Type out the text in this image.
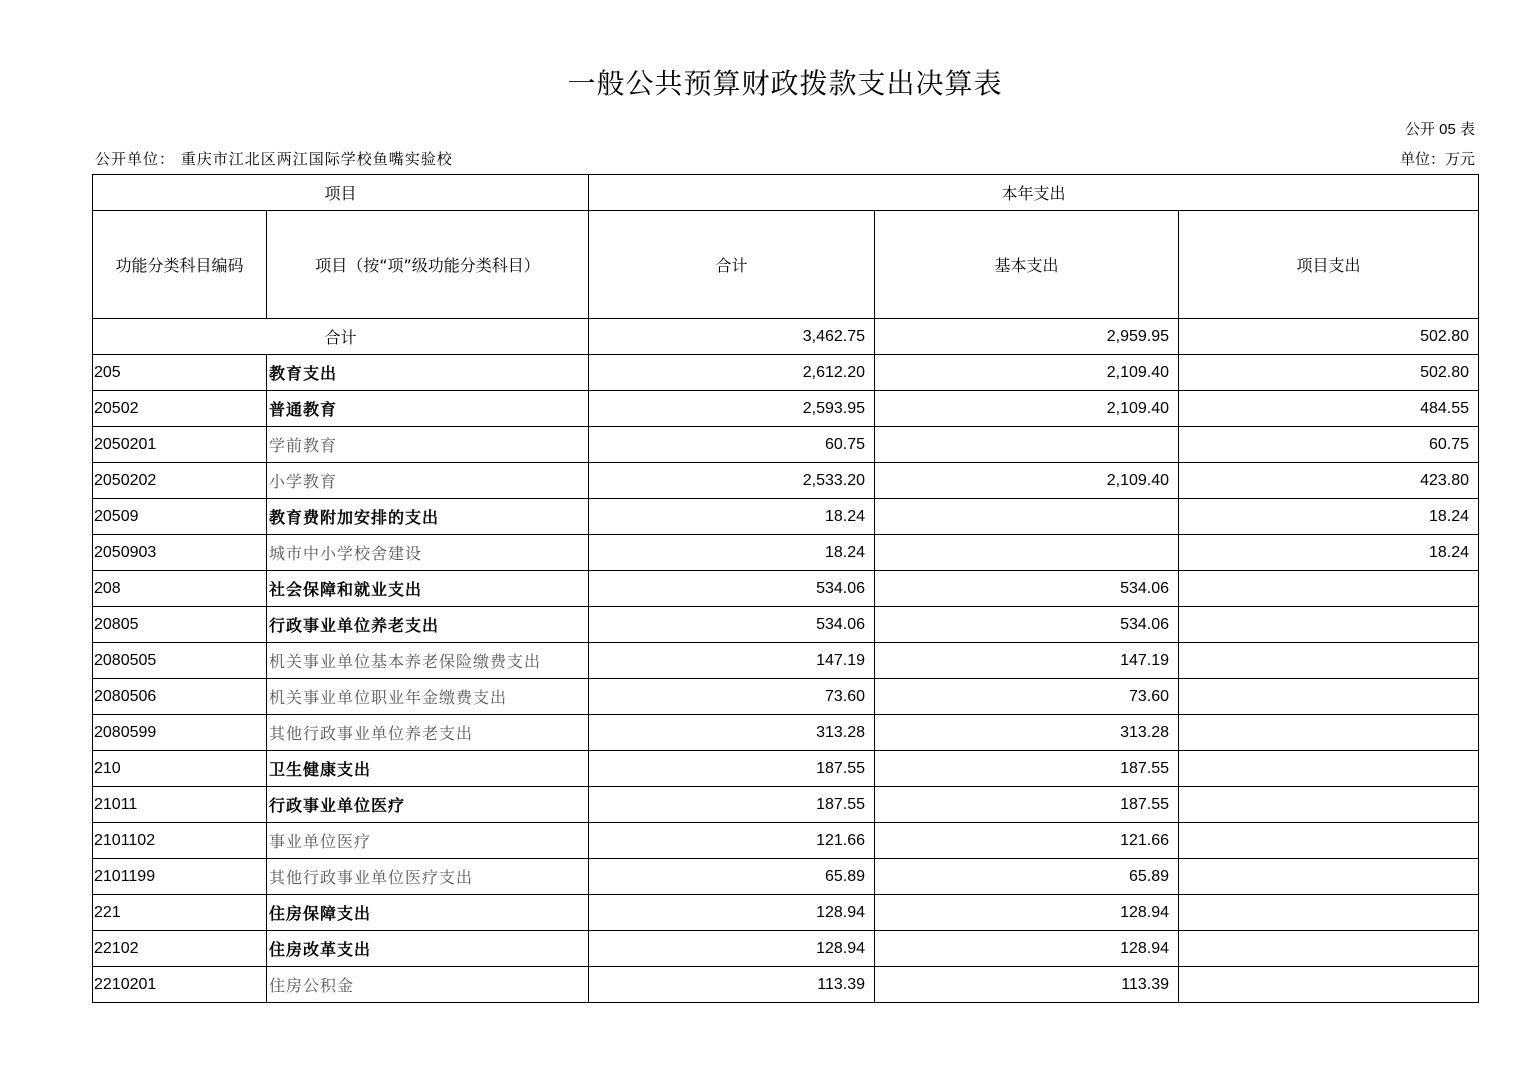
一般公共预算财政拨款支出决算表
公开 05 表
公开单位： 重庆市江北区两江国际学校鱼嘴实验校	单位：万元
项目		本年支出		
功能分类科目编码	项目（按“项”级功能分类科目）	合计	基本支出	项目支出
合计		3,462.75	2,959.95	502.80
205	教育支出	2,612.20	2,109.40	502.80
20502	普通教育	2,593.95	2,109.40	484.55
2050201	学前教育	60.75		60.75
2050202	小学教育	2,533.20	2,109.40	423.80
20509	教育费附加安排的支出	18.24		18.24
2050903	城市中小学校舍建设	18.24		18.24
208	社会保障和就业支出	534.06	534.06	
20805	行政事业单位养老支出	534.06	534.06	
2080505	机关事业单位基本养老保险缴费支出	147.19	147.19	
2080506	机关事业单位职业年金缴费支出	73.60	73.60	
2080599	其他行政事业单位养老支出	313.28	313.28	
210	卫生健康支出	187.55	187.55	
21011	行政事业单位医疗	187.55	187.55	
2101102	事业单位医疗	121.66	121.66	
2101199	其他行政事业单位医疗支出	65.89	65.89	
221	住房保障支出	128.94	128.94	
22102	住房改革支出	128.94	128.94	
2210201	住房公积金	113.39	113.39	
